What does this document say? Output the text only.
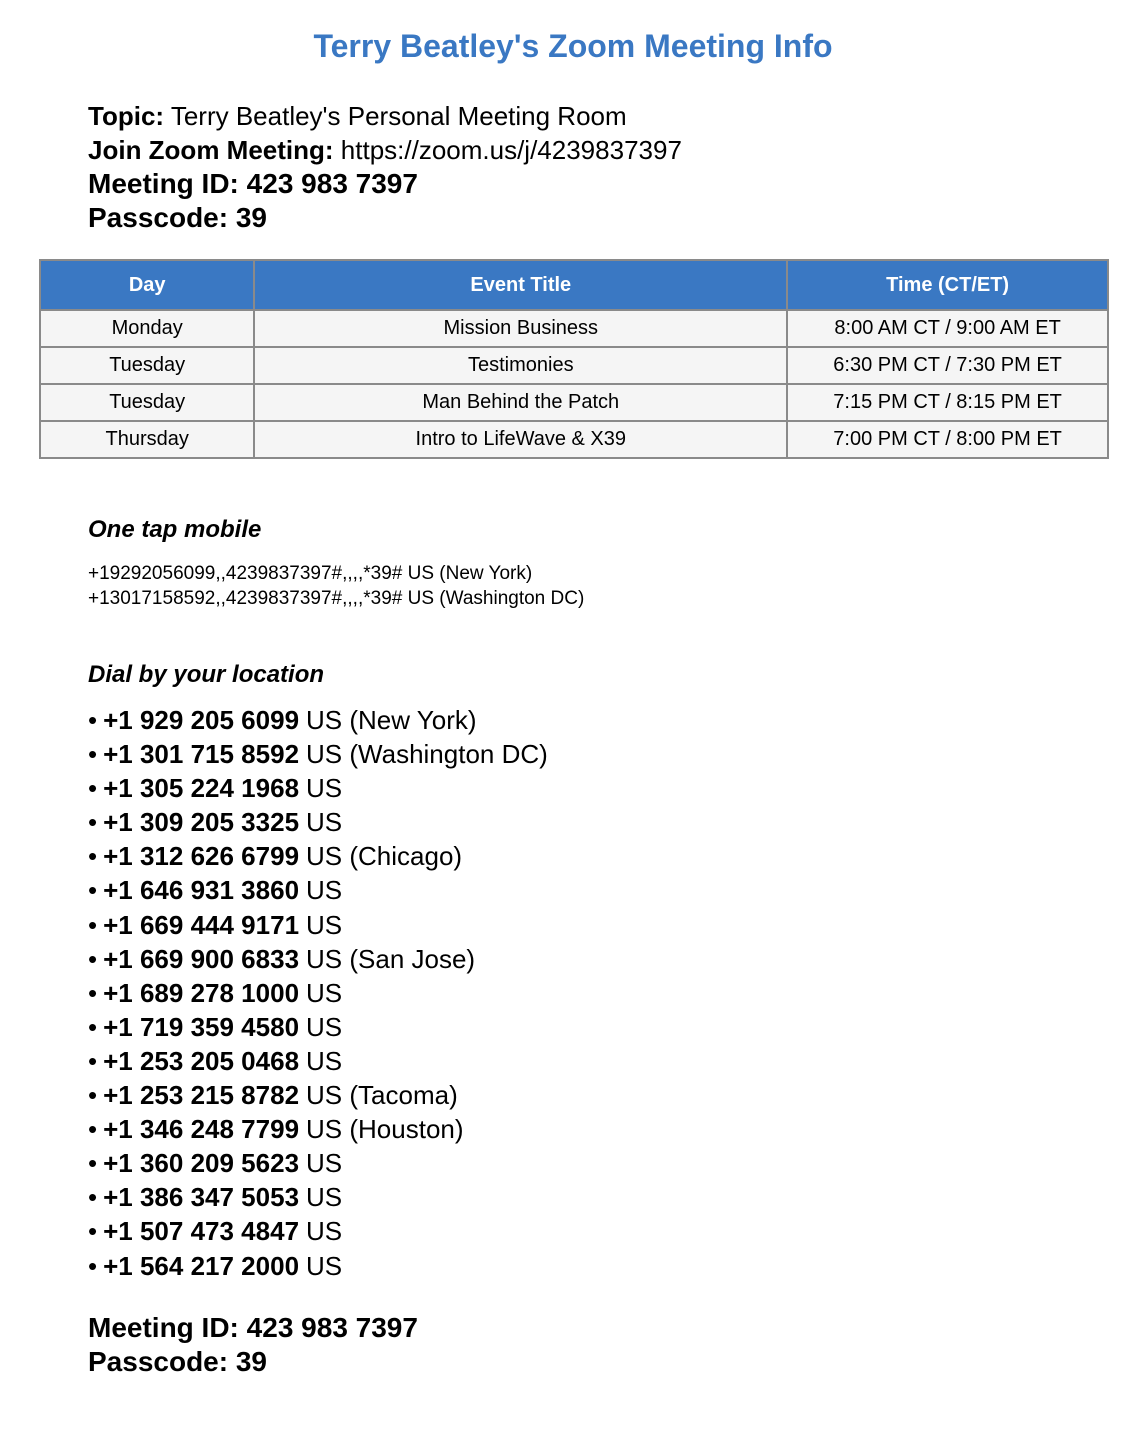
Terry Beatley's Zoom Meeting Info
Topic: Terry Beatley's Personal Meeting Room
Join Zoom Meeting: https://zoom.us/j/4239837397
Meeting ID: 423 983 7397
Passcode: 39
Day	Event Title	Time (CT/ET)
Monday	Mission Business	8:00 AM CT / 9:00 AM ET
Tuesday	Testimonies	6:30 PM CT / 7:30 PM ET
Tuesday	Man Behind the Patch	7:15 PM CT / 8:15 PM ET
Thursday	Intro to LifeWave & X39	7:00 PM CT / 8:00 PM ET
One tap mobile
+19292056099,,4239837397#,,,,*39# US (New York)
+13017158592,,4239837397#,,,,*39# US (Washington DC)
Dial by your location
• +1 929 205 6099 US (New York)
• +1 301 715 8592 US (Washington DC)
• +1 305 224 1968 US
• +1 309 205 3325 US
• +1 312 626 6799 US (Chicago)
• +1 646 931 3860 US
• +1 669 444 9171 US
• +1 669 900 6833 US (San Jose)
• +1 689 278 1000 US
• +1 719 359 4580 US
• +1 253 205 0468 US
• +1 253 215 8782 US (Tacoma)
• +1 346 248 7799 US (Houston)
• +1 360 209 5623 US
• +1 386 347 5053 US
• +1 507 473 4847 US
• +1 564 217 2000 US
Meeting ID: 423 983 7397
Passcode: 39
